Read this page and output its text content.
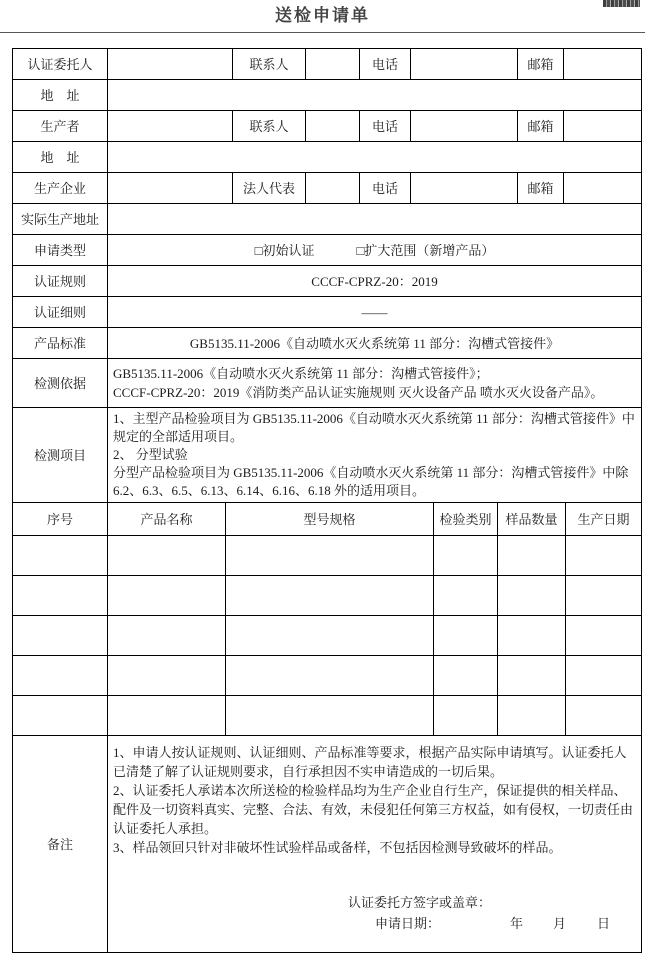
送检申请单
认证委托人		联系人		电话		邮箱	
地　址							
生产者		联系人		电话		邮箱	
地　址							
生产企业		法人代表		电话		邮箱	
实际生产地址							
申请类型	□初始认证 □扩大范围（新增产品）						

认证规则	CCCF-CPRZ-20：2019						
认证细则	——						
产品标准	GB5135.11-2006《自动喷水灭火系统第 11 部分：沟槽式管接件》						
检测依据	GB5135.11-2006《自动喷水灭火系统第 11 部分：沟槽式管接件》；
CCCF-CPRZ-20：2019《消防类产品认证实施规则 灭火设备产品 喷水灭火设备产品》。						

检测项目	1、主型产品检验项目为 GB5135.11-2006《自动喷水灭火系统第 11 部分：沟槽式管接件》中规定的全部适用项目。
2、 分型试验
分型产品检验项目为 GB5135.11-2006《自动喷水灭火系统第 11 部分：沟槽式管接件》中除6.2、6.3、6.5、6.13、6.14、6.16、6.18 外的适用项目。						
序号	产品名称	型号规格	检验类别	样品数量	生产日期

备注	

1、申请人按认证规则、认证细则、产品标准等要求，根据产品实际申请填写。认证委托人已清楚了解了认证规则要求，自行承担因不实申请造成的一切后果。

2、认证委托人承诺本次所送检的检验样品均为生产企业自行生产，保证提供的相关样品、配件及一切资料真实、完整、合法、有效，未侵犯任何第三方权益，如有侵权，一切责任由认证委托人承担。

3、样品领回只针对非破坏性试验样品或备样，不包括因检测导致破坏的样品。

认证委托方签字或盖章：
申请日期：	年 月 日
